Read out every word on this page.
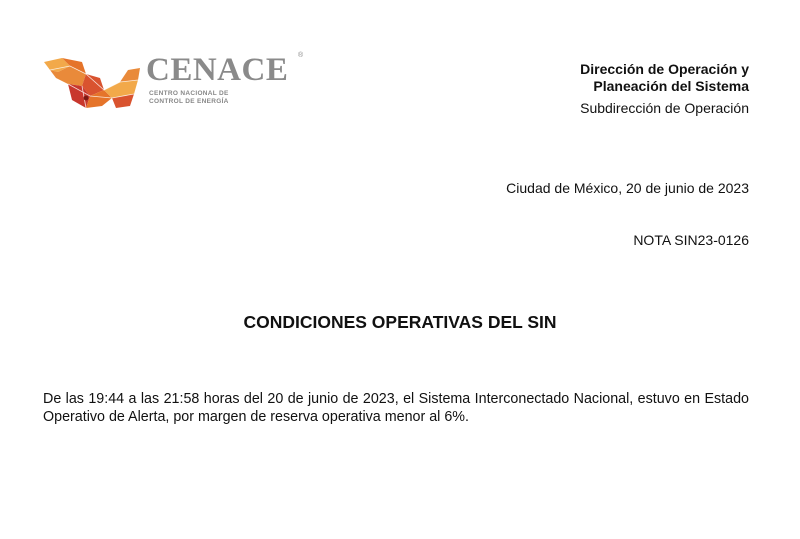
CENACE ®
CENTRO NACIONAL DE
CONTROL DE ENERGÍA
Dirección de Operación y
Planeación del Sistema
Subdirección de Operación
Ciudad de México, 20 de junio de 2023
NOTA SIN23-0126
CONDICIONES OPERATIVAS DEL SIN
De las 19:44 a las 21:58 horas del 20 de junio de 2023, el Sistema Interconectado Nacional, estuvo en Estado Operativo de Alerta, por margen de reserva operativa menor al 6%.
